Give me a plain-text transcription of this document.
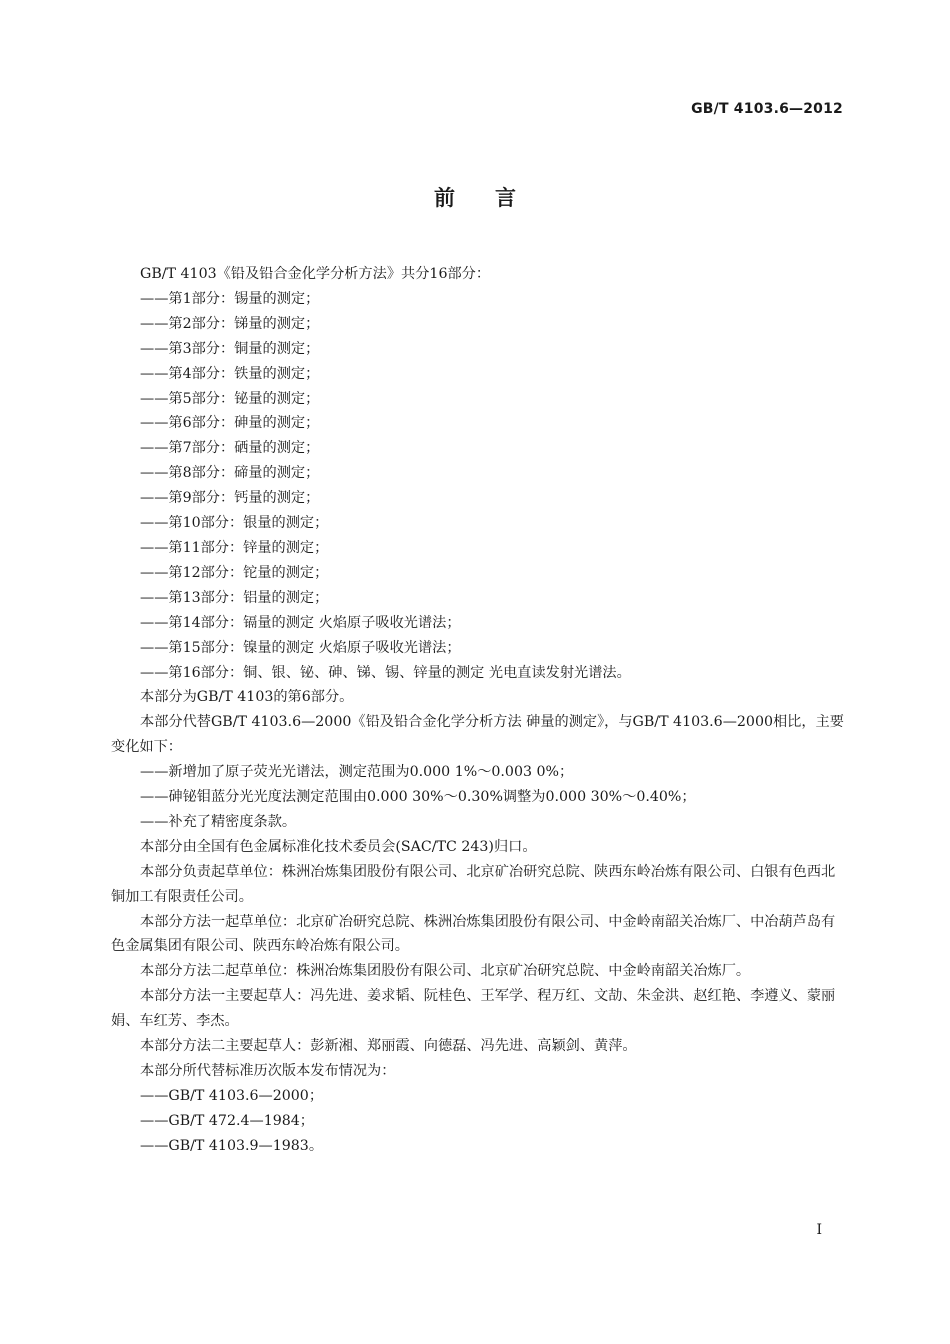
GB/T 4103.6—2012
前言

GB/T 4103《铅及铅合金化学分析方法》共分16部分：

——第1部分：锡量的测定；

——第2部分：锑量的测定；

——第3部分：铜量的测定；

——第4部分：铁量的测定；

——第5部分：铋量的测定；

——第6部分：砷量的测定；

——第7部分：硒量的测定；

——第8部分：碲量的测定；

——第9部分：钙量的测定；

——第10部分：银量的测定；

——第11部分：锌量的测定；

——第12部分：铊量的测定；

——第13部分：铝量的测定；

——第14部分：镉量的测定 火焰原子吸收光谱法；

——第15部分：镍量的测定 火焰原子吸收光谱法；

——第16部分：铜、银、铋、砷、锑、锡、锌量的测定 光电直读发射光谱法。

本部分为GB/T 4103的第6部分。

本部分代替GB/T 4103.6—2000《铅及铅合金化学分析方法 砷量的测定》，与GB/T 4103.6—2000相比，主要变化如下：

——新增加了原子荧光光谱法，测定范围为0.000 1%～0.003 0%；

——砷铋钼蓝分光光度法测定范围由0.000 30%～0.30%调整为0.000 30%～0.40%；

——补充了精密度条款。

本部分由全国有色金属标准化技术委员会(SAC/TC 243)归口。

本部分负责起草单位：株洲冶炼集团股份有限公司、北京矿冶研究总院、陕西东岭冶炼有限公司、白银有色西北铜加工有限责任公司。

本部分方法一起草单位：北京矿冶研究总院、株洲冶炼集团股份有限公司、中金岭南韶关冶炼厂、中冶葫芦岛有色金属集团有限公司、陕西东岭冶炼有限公司。

本部分方法二起草单位：株洲冶炼集团股份有限公司、北京矿冶研究总院、中金岭南韶关冶炼厂。

本部分方法一主要起草人：冯先进、姜求韬、阮桂色、王军学、程万红、文劼、朱金洪、赵红艳、李遵义、蒙丽娟、车红芳、李杰。

本部分方法二主要起草人：彭新湘、郑丽霞、向德磊、冯先进、高颖剑、黄萍。

本部分所代替标准历次版本发布情况为：

——GB/T 4103.6—2000；

——GB/T 472.4—1984；

——GB/T 4103.9—1983。

I
